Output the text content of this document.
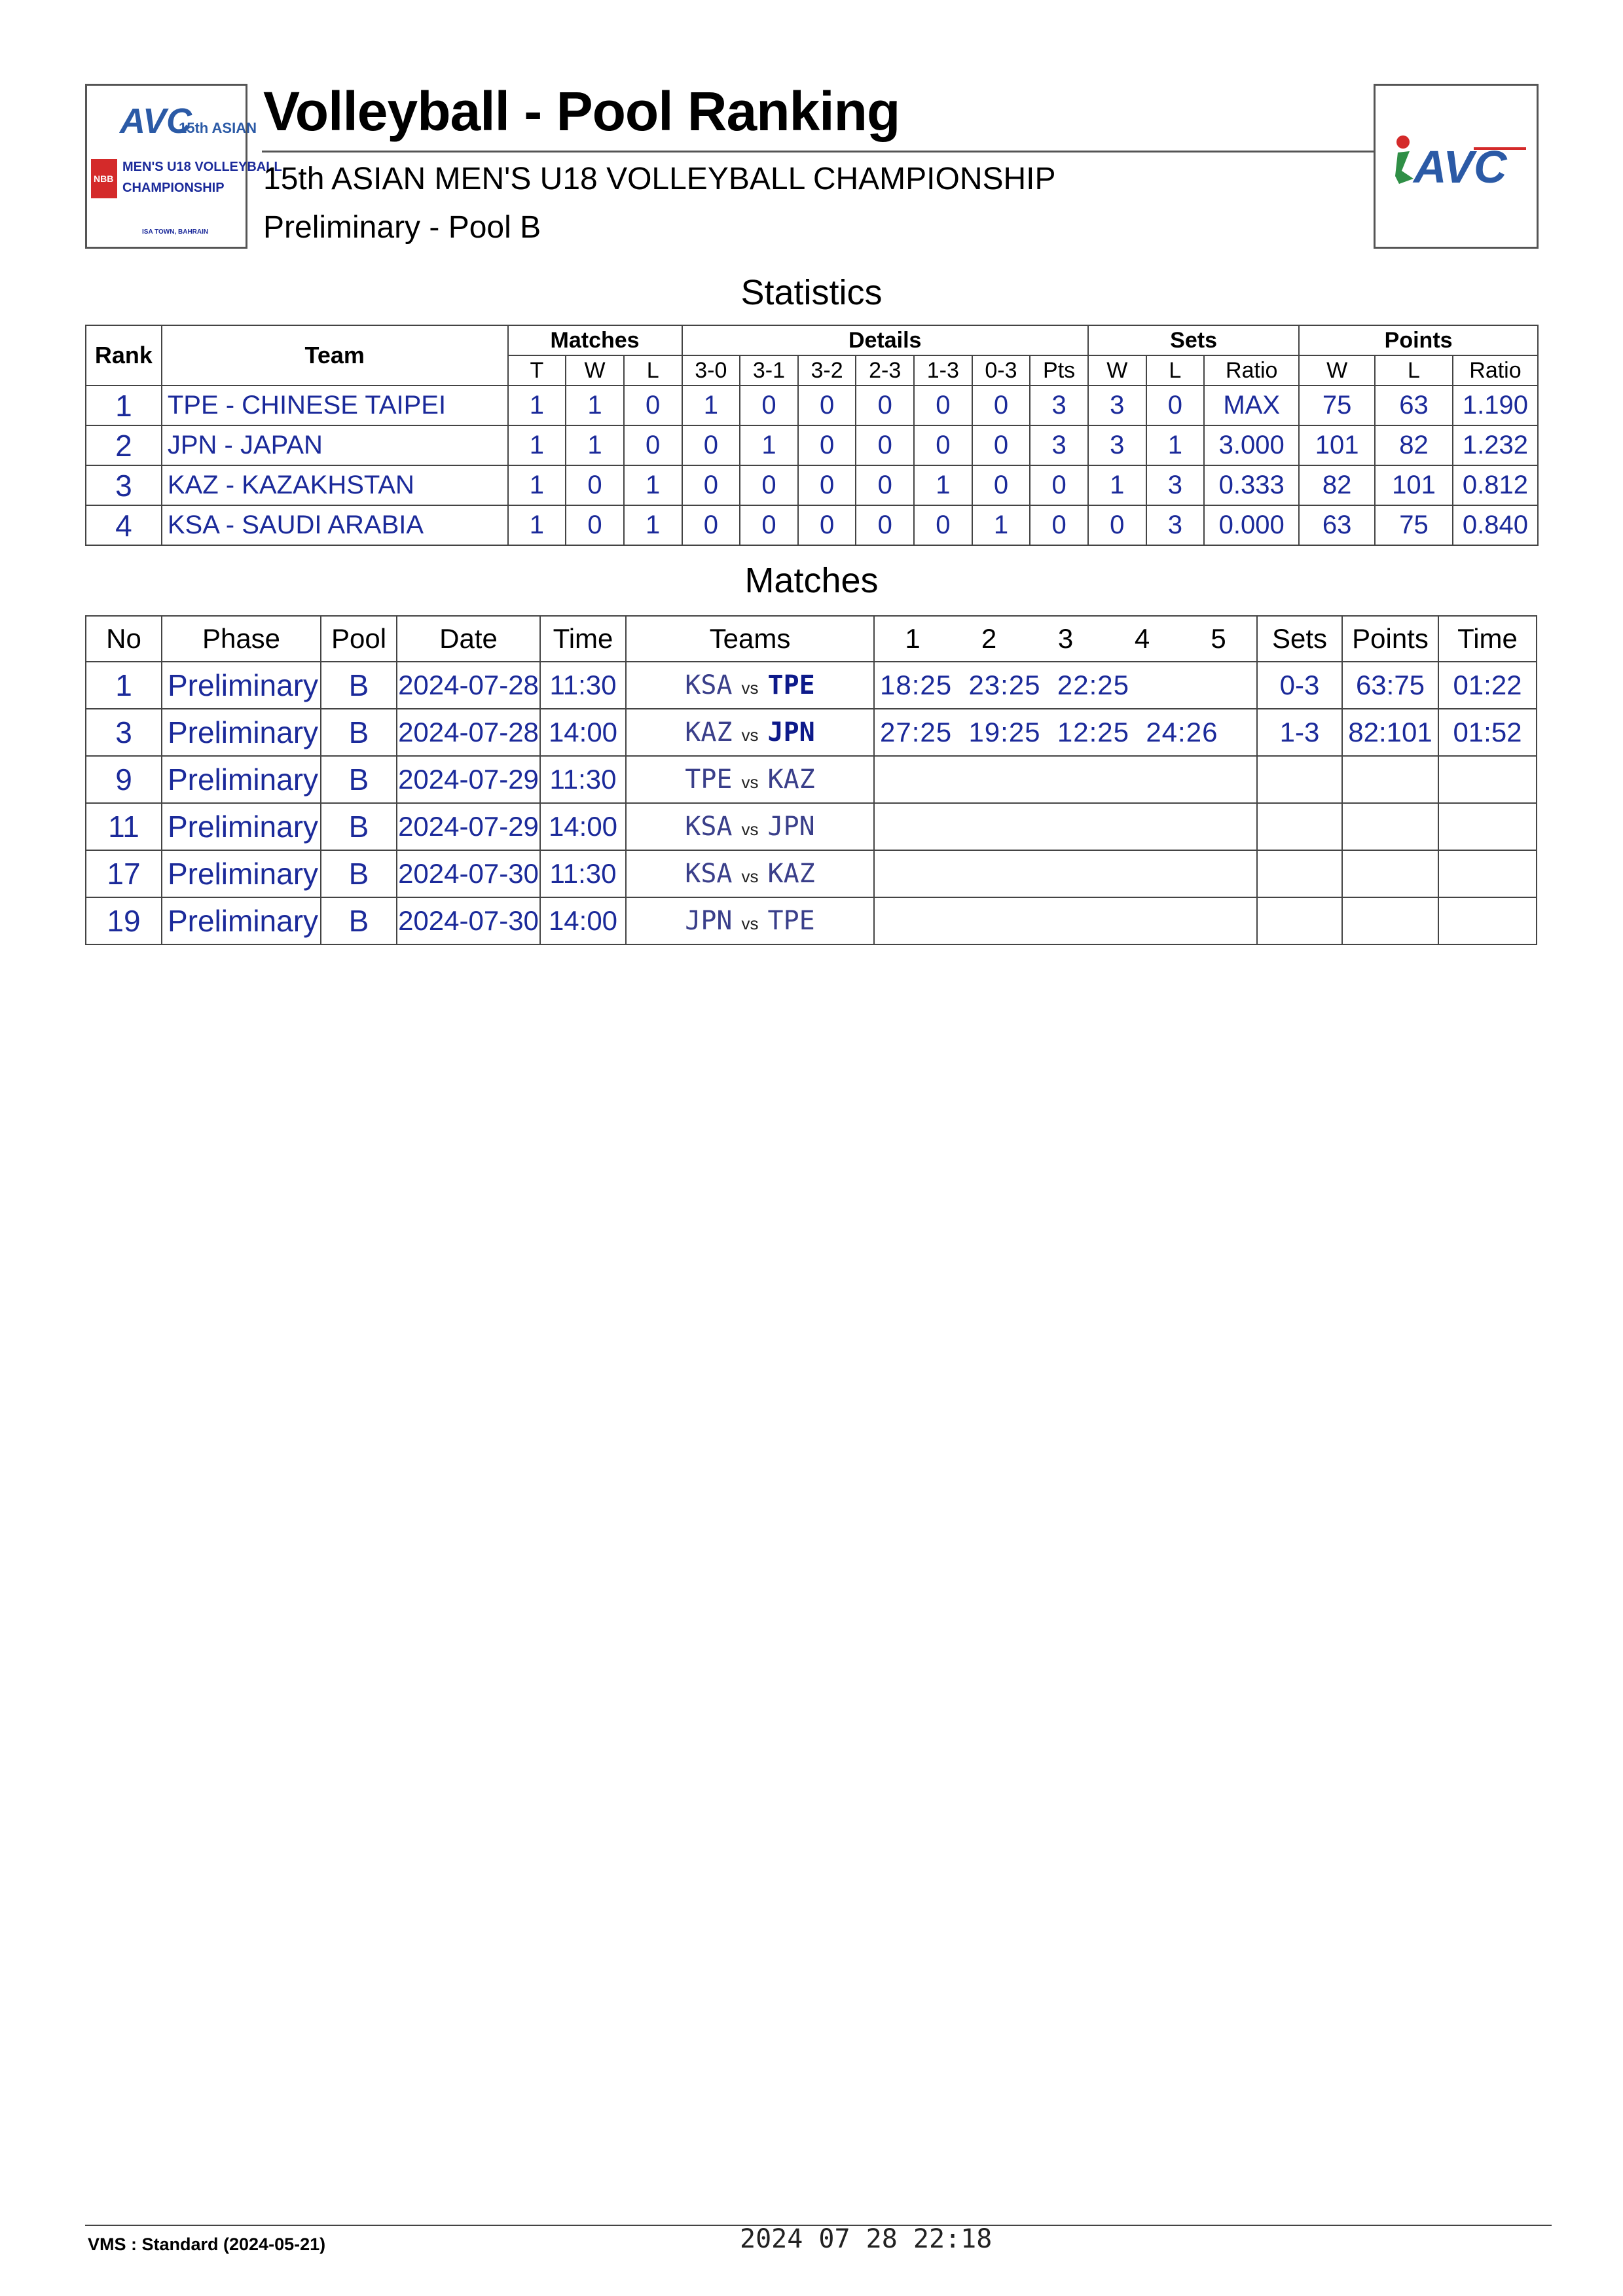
AVC
15th ASIAN
NBB
MEN'S U18 VOLLEYBALL
CHAMPIONSHIP
ISA TOWN, BAHRAIN
Volleyball - Pool Ranking
15th ASIAN MEN'S U18 VOLLEYBALL CHAMPIONSHIP
Preliminary - Pool B
AVC
Statistics
Rank	Team	Matches			Details							Sets			Points		
		T	W	L	3-0	3-1	3-2	2-3	1-3	0-3	Pts	W	L	Ratio	W	L	Ratio
1	TPE - CHINESE TAIPEI	1	1	0	1	0	0	0	0	0	3	3	0	MAX	75	63	1.190
2	JPN - JAPAN	1	1	0	0	1	0	0	0	0	3	3	1	3.000	101	82	1.232
3	KAZ - KAZAKHSTAN	1	0	1	0	0	0	0	1	0	0	1	3	0.333	82	101	0.812
4	KSA - SAUDI ARABIA	1	0	1	0	0	0	0	0	1	0	0	3	0.000	63	75	0.840
Matches
No	Phase	Pool	Date	Time	Teams	1	2	3	4	5	Sets	Points	Time
1	Preliminary	B	2024-07-28	11:30	KSA vs TPE	18:25  23:25  22:25					0-3	63:75	01:22
3	Preliminary	B	2024-07-28	14:00	KAZ vs JPN	27:25  19:25  12:25  24:26					1-3	82:101	01:52
9	Preliminary	B	2024-07-29	11:30	TPE vs KAZ								
11	Preliminary	B	2024-07-29	14:00	KSA vs JPN								
17	Preliminary	B	2024-07-30	11:30	KSA vs KAZ								
19	Preliminary	B	2024-07-30	14:00	JPN vs TPE								
VMS : Standard (2024-05-21)	2024 07 28 22:18
